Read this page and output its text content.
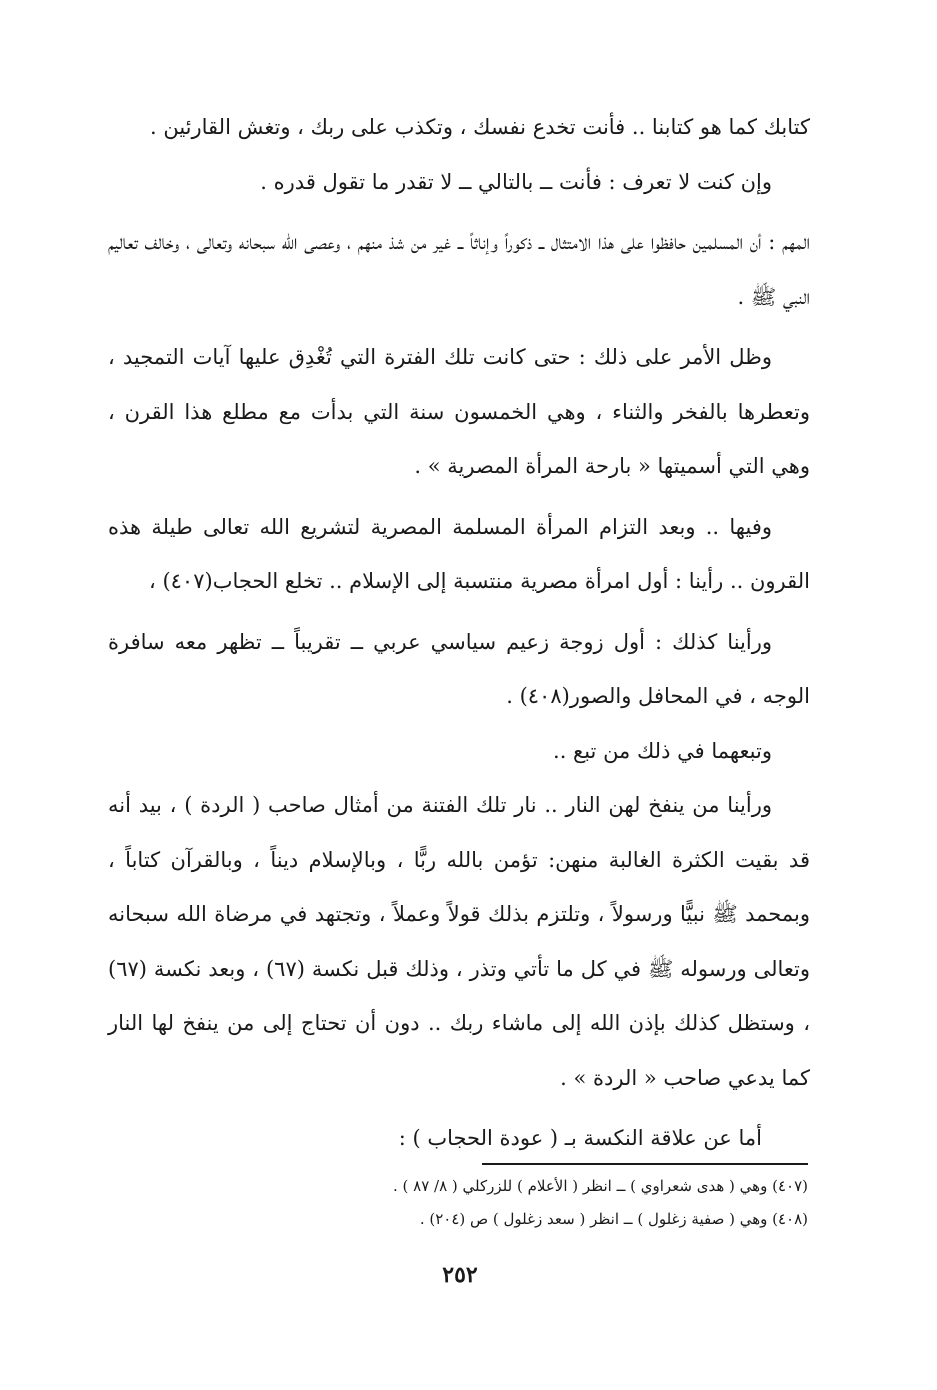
كتابك كما هو كتابنا .. فأنت تخدع نفسك ، وتكذب على ربك ، وتغش القارئين .

وإن كنت لا تعرف : فأنت ــ بالتالي ــ لا تقدر ما تقول قدره .

المهم : أن المسلمين حافظوا على هذا الامتثال ــ ذكوراً وإناثاً ــ غير من شذ منهم ، وعصى الله سبحانه وتعالى ، وخالف تعاليم النبي ﷺ .

وظل الأمر على ذلك : حتى كانت تلك الفترة التي تُغْدِق عليها آيات التمجيد ، وتعطرها بالفخر والثناء ، وهي الخمسون سنة التي بدأت مع مطلع هذا القرن ، وهي التي أسميتها « بارحة المرأة المصرية » .

وفيها .. وبعد التزام المرأة المسلمة المصرية لتشريع الله تعالى طيلة هذه القرون .. رأينا : أول امرأة مصرية منتسبة إلى الإسلام .. تخلع الحجاب(٤٠٧) ،

ورأينا كذلك : أول زوجة زعيم سياسي عربي ــ تقريباً ــ تظهر معه سافرة الوجه ، في المحافل والصور(٤٠٨) .

وتبعهما في ذلك من تبع ..

ورأينا من ينفخ لهن النار .. نار تلك الفتنة من أمثال صاحب ( الردة ) ، بيد أنه قد بقيت الكثرة الغالبة منهن: تؤمن بالله ربًّا ، وبالإسلام ديناً ، وبالقرآن كتاباً ، وبمحمد ﷺ نبيًّا ورسولاً ، وتلتزم بذلك قولاً وعملاً ، وتجتهد في مرضاة الله سبحانه وتعالى ورسوله ﷺ في كل ما تأتي وتذر ، وذلك قبل نكسة (٦٧) ، وبعد نكسة (٦٧) ، وستظل كذلك بإذن الله إلى ماشاء ربك .. دون أن تحتاج إلى من ينفخ لها النار كما يدعي صاحب « الردة » .

أما عن علاقة النكسة بـ ( عودة الحجاب ) :

(٤٠٧) وهي ( هدى شعراوي ) ــ انظر ( الأعلام ) للزركلي ( ٨/ ٨٧ ) .

(٤٠٨) وهي ( صفية زغلول ) ــ انظر ( سعد زغلول ) ص (٢٠٤) .

٢٥٢
